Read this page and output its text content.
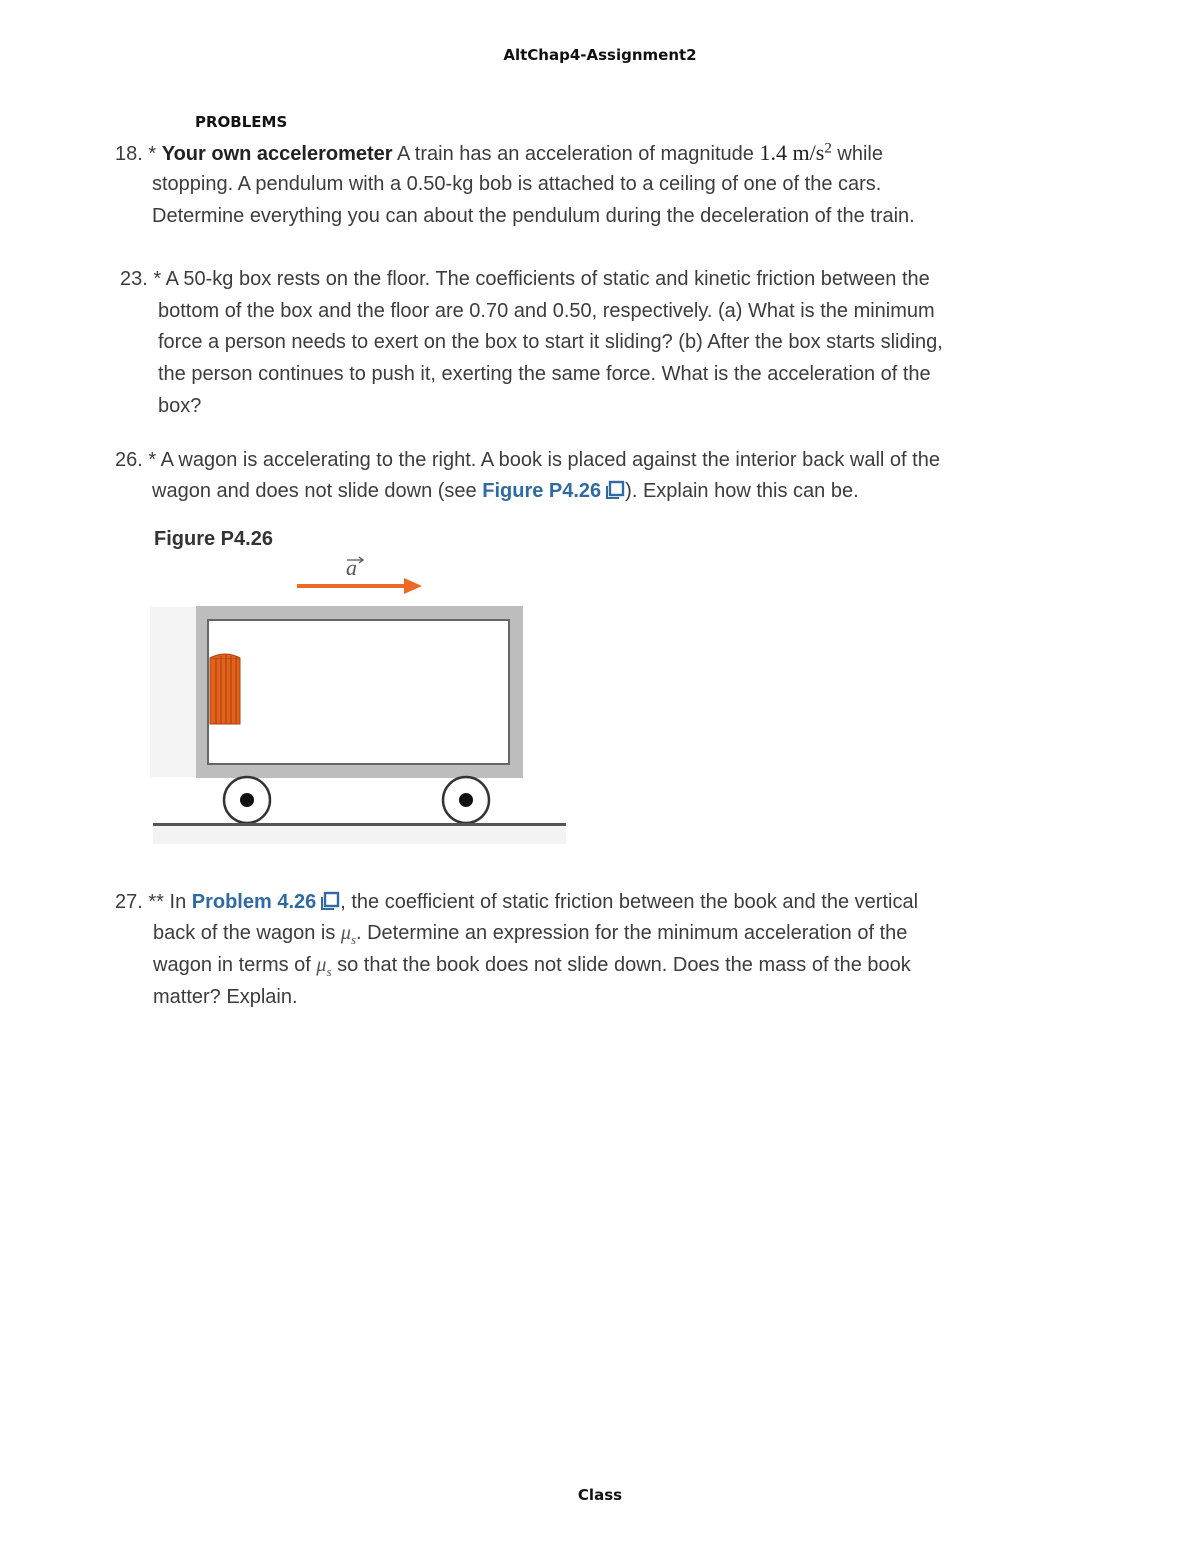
AltChap4-Assignment2
PROBLEMS
18. * Your own accelerometer A train has an acceleration of magnitude 1.4 $m/s^2$ while
stopping. A pendulum with a 0.50-kg bob is attached to a ceiling of one of the cars.
Determine everything you can about the pendulum during the deceleration of the train.
23. * A 50-kg box rests on the floor. The coefficients of static and kinetic friction between the
bottom of the box and the floor are 0.70 and 0.50, respectively. (a) What is the minimum
force a person needs to exert on the box to start it sliding? (b) After the box starts sliding,
the person continues to push it, exerting the same force. What is the acceleration of the
box?
26. * A wagon is accelerating to the right. A book is placed against the interior back wall of the
wagon and does not slide down (see Figure P4.26 ). Explain how this can be.
Figure P4.26
a
27. ** In Problem 4.26 , the coefficient of static friction between the book and the vertical
back of the wagon is $\mu_s$. Determine an expression for the minimum acceleration of the
wagon in terms of $\mu_s$ so that the book does not slide down. Does the mass of the book
matter? Explain.
Class
